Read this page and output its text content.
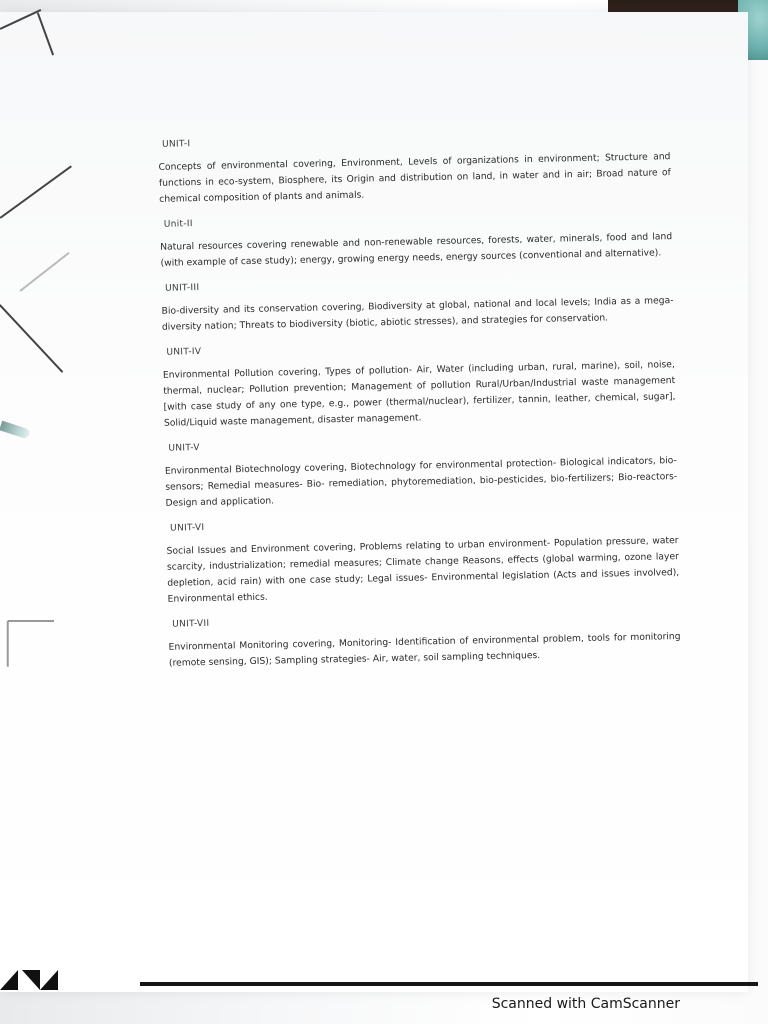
UNIT-I
Concepts of environmental covering, Environment, Levels of organizations in environment; Structure and functions in eco-system, Biosphere, its Origin and distribution on land, in water and in air; Broad nature of chemical composition of plants and animals.
Unit-II
Natural resources covering renewable and non-renewable resources, forests, water, minerals, food and land (with example of case study); energy, growing energy needs, energy sources (conventional and alternative).
UNIT-III
Bio-diversity and its conservation covering, Biodiversity at global, national and local levels; India as a mega-diversity nation; Threats to biodiversity (biotic, abiotic stresses), and strategies for conservation.
UNIT-IV
Environmental Pollution covering, Types of pollution- Air, Water (including urban, rural, marine), soil, noise, thermal, nuclear; Pollution prevention; Management of pollution Rural/Urban/Industrial waste management [with case study of any one type, e.g., power (thermal/nuclear), fertilizer, tannin, leather, chemical, sugar], Solid/Liquid waste management, disaster management.
UNIT-V
Environmental Biotechnology covering, Biotechnology for environmental protection- Biological indicators, bio-sensors; Remedial measures- Bio- remediation, phytoremediation, bio-pesticides, bio-fertilizers; Bio-reactors- Design and application.
UNIT-VI
Social Issues and Environment covering, Problems relating to urban environment- Population pressure, water scarcity, industrialization; remedial measures; Climate change Reasons, effects (global warming, ozone layer depletion, acid rain) with one case study; Legal issues- Environmental legislation (Acts and issues involved), Environmental ethics.
UNIT-VII
Environmental Monitoring covering, Monitoring- Identification of environmental problem, tools for monitoring (remote sensing, GIS); Sampling strategies- Air, water, soil sampling techniques.
Scanned with CamScanner
